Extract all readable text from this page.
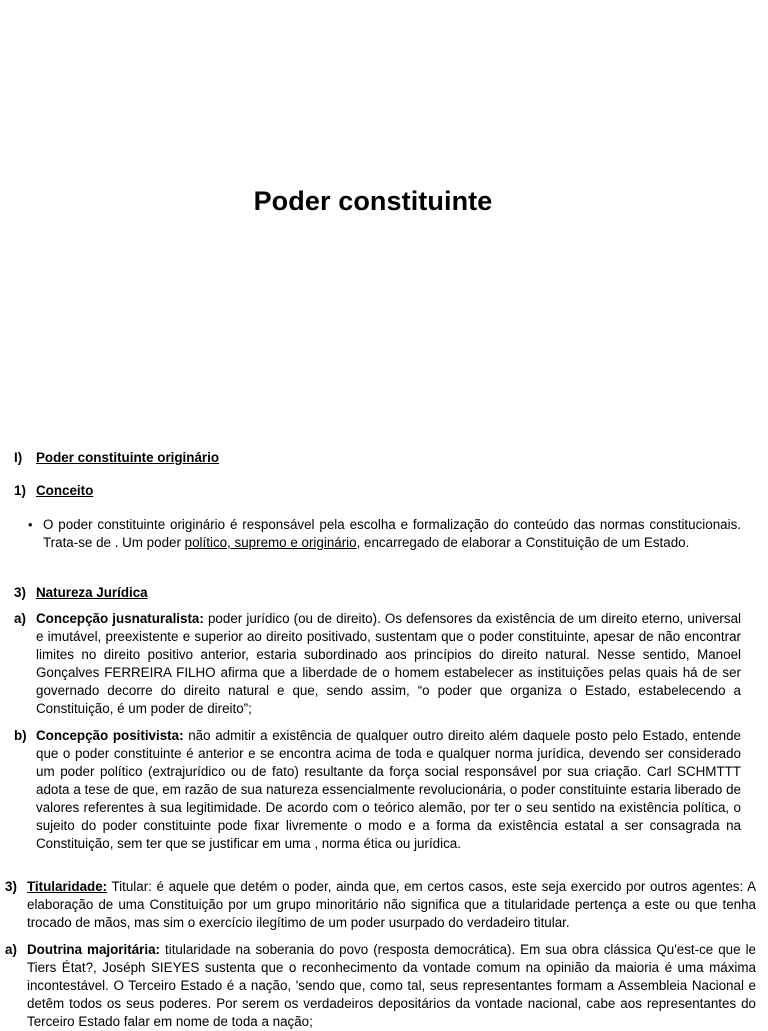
Poder constituinte
I) Poder constituinte originário
1) Conceito
• O poder constituinte originário é responsável pela escolha e formalização do conteúdo das normas constitucionais. Trata-se de . Um poder político, supremo e originário, encarregado de elaborar a Constituição de um Estado.
3) Natureza Jurídica
a) Concepção jusnaturalista: poder jurídico (ou de direito). Os defensores da existência de um direito eterno, universal e imutável, preexistente e superior ao direito positivado, sustentam que o poder constituinte, apesar de não encontrar limites no direito positivo anterior, estaria subordinado aos princípios do direito natural. Nesse sentido, Manoel Gonçalves FERREIRA FILHO afirma que a liberdade de o homem estabelecer as instituições pelas quais há de ser governado decorre do direito natural e que, sendo assim, “o poder que organiza o Estado, estabelecendo a Constituição, é um poder de direito”;
b) Concepção positivista: não admitir a existência de qualquer outro direito além daquele posto pelo Estado, entende que o poder constituinte é anterior e se encontra acima de toda e qualquer norma jurídica, devendo ser considerado um poder político (extrajurídico ou de fato) resultante da força social responsável por sua criação. Carl SCHMTTT adota a tese de que, em razão de sua natureza essencialmente revolucionária, o poder constituinte estaria liberado de valores referentes à sua legitimidade. De acordo com o teórico alemão, por ter o seu sentido na existência política, o sujeito do poder constituinte pode fixar livremente o modo e a forma da existência estatal a ser consagrada na Constituição, sem ter que se justificar em uma , norma ética ou jurídica.
3) Titularidade: Titular: é aquele que detém o poder, ainda que, em certos casos, este seja exercido por outros agentes: A elaboração de uma Constituição por um grupo minoritário não significa que a titularidade pertença a este ou que tenha trocado de mãos, mas sim o exercício ilegítimo de um poder usurpado do verdadeiro titular.
a) Doutrina majoritária: titularidade na soberania do povo (resposta democrática). Em sua obra clássica Qu'est-ce que le Tiers État?, Joséph SIEYES sustenta que o reconhecimento da vontade comum na opinião da maioria é uma máxima incontestável. O Terceiro Estado é a nação, 'sendo que, como tal, seus representantes formam a Assembleia Nacional e detêm todos os seus poderes. Por serem os verdadeiros depositários da vontade nacional, cabe aos representantes do Terceiro Estado falar em nome de toda a nação;
